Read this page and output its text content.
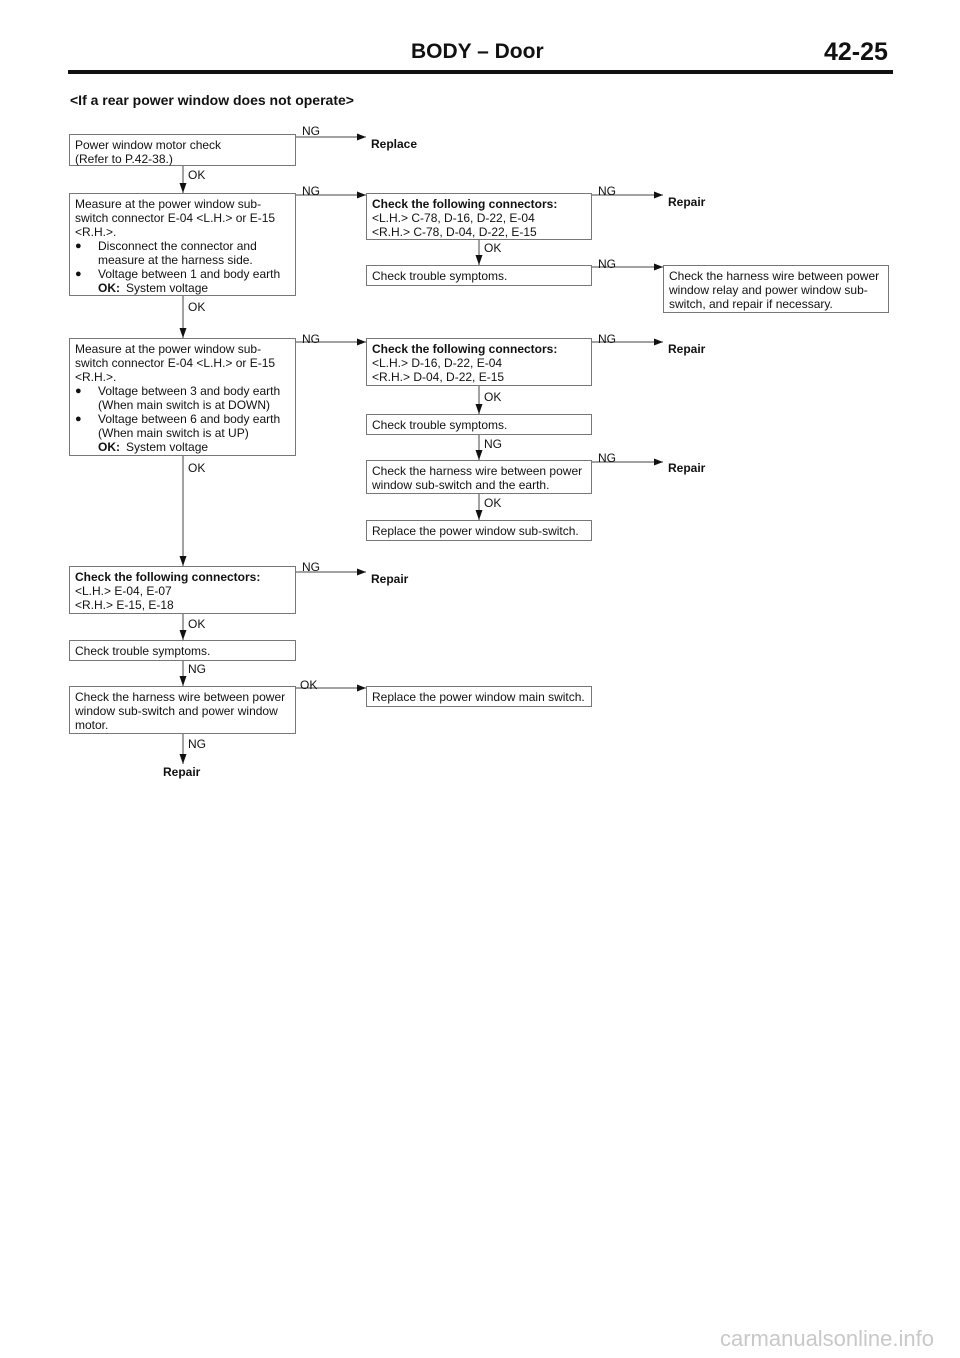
BODY – Door	42-25
<If a rear power window does not operate>
Power window motor check
(Refer to P.42-38.)
Measure at the power window sub-
switch connector E-04 <L.H.> or E-15
<R.H.>.
● Disconnect the connector and measure at the harness side.
● Voltage between 1 and body earth
OK: System voltage
Measure at the power window sub-
switch connector E-04 <L.H.> or E-15
<R.H.>.
● Voltage between 3 and body earth (When main switch is at DOWN)
● Voltage between 6 and body earth (When main switch is at UP)
OK: System voltage
Check the following connectors:
<L.H.> E-04, E-07
<R.H.> E-15, E-18
Check trouble symptoms.
Check the harness wire between power window sub-switch and power window motor.
Check the following connectors:
<L.H.> C-78, D-16, D-22, E-04
<R.H.> C-78, D-04, D-22, E-15
Check trouble symptoms.
Check the following connectors:
<L.H.> D-16, D-22, E-04
<R.H.> D-04, D-22, E-15
Check trouble symptoms.
Check the harness wire between power window sub-switch and the earth.
Replace the power window sub-switch.
Replace the power window main switch.
Check the harness wire between power window relay and power window sub-switch, and repair if necessary.
NG
OK
NG	NG
OK
NG
OK
NG	NG
OK
NG
NG
OK
OK
NG
OK
NG
OK
NG
Replace
Repair
Repair
Repair
Repair
Repair
carmanualsonline.info
